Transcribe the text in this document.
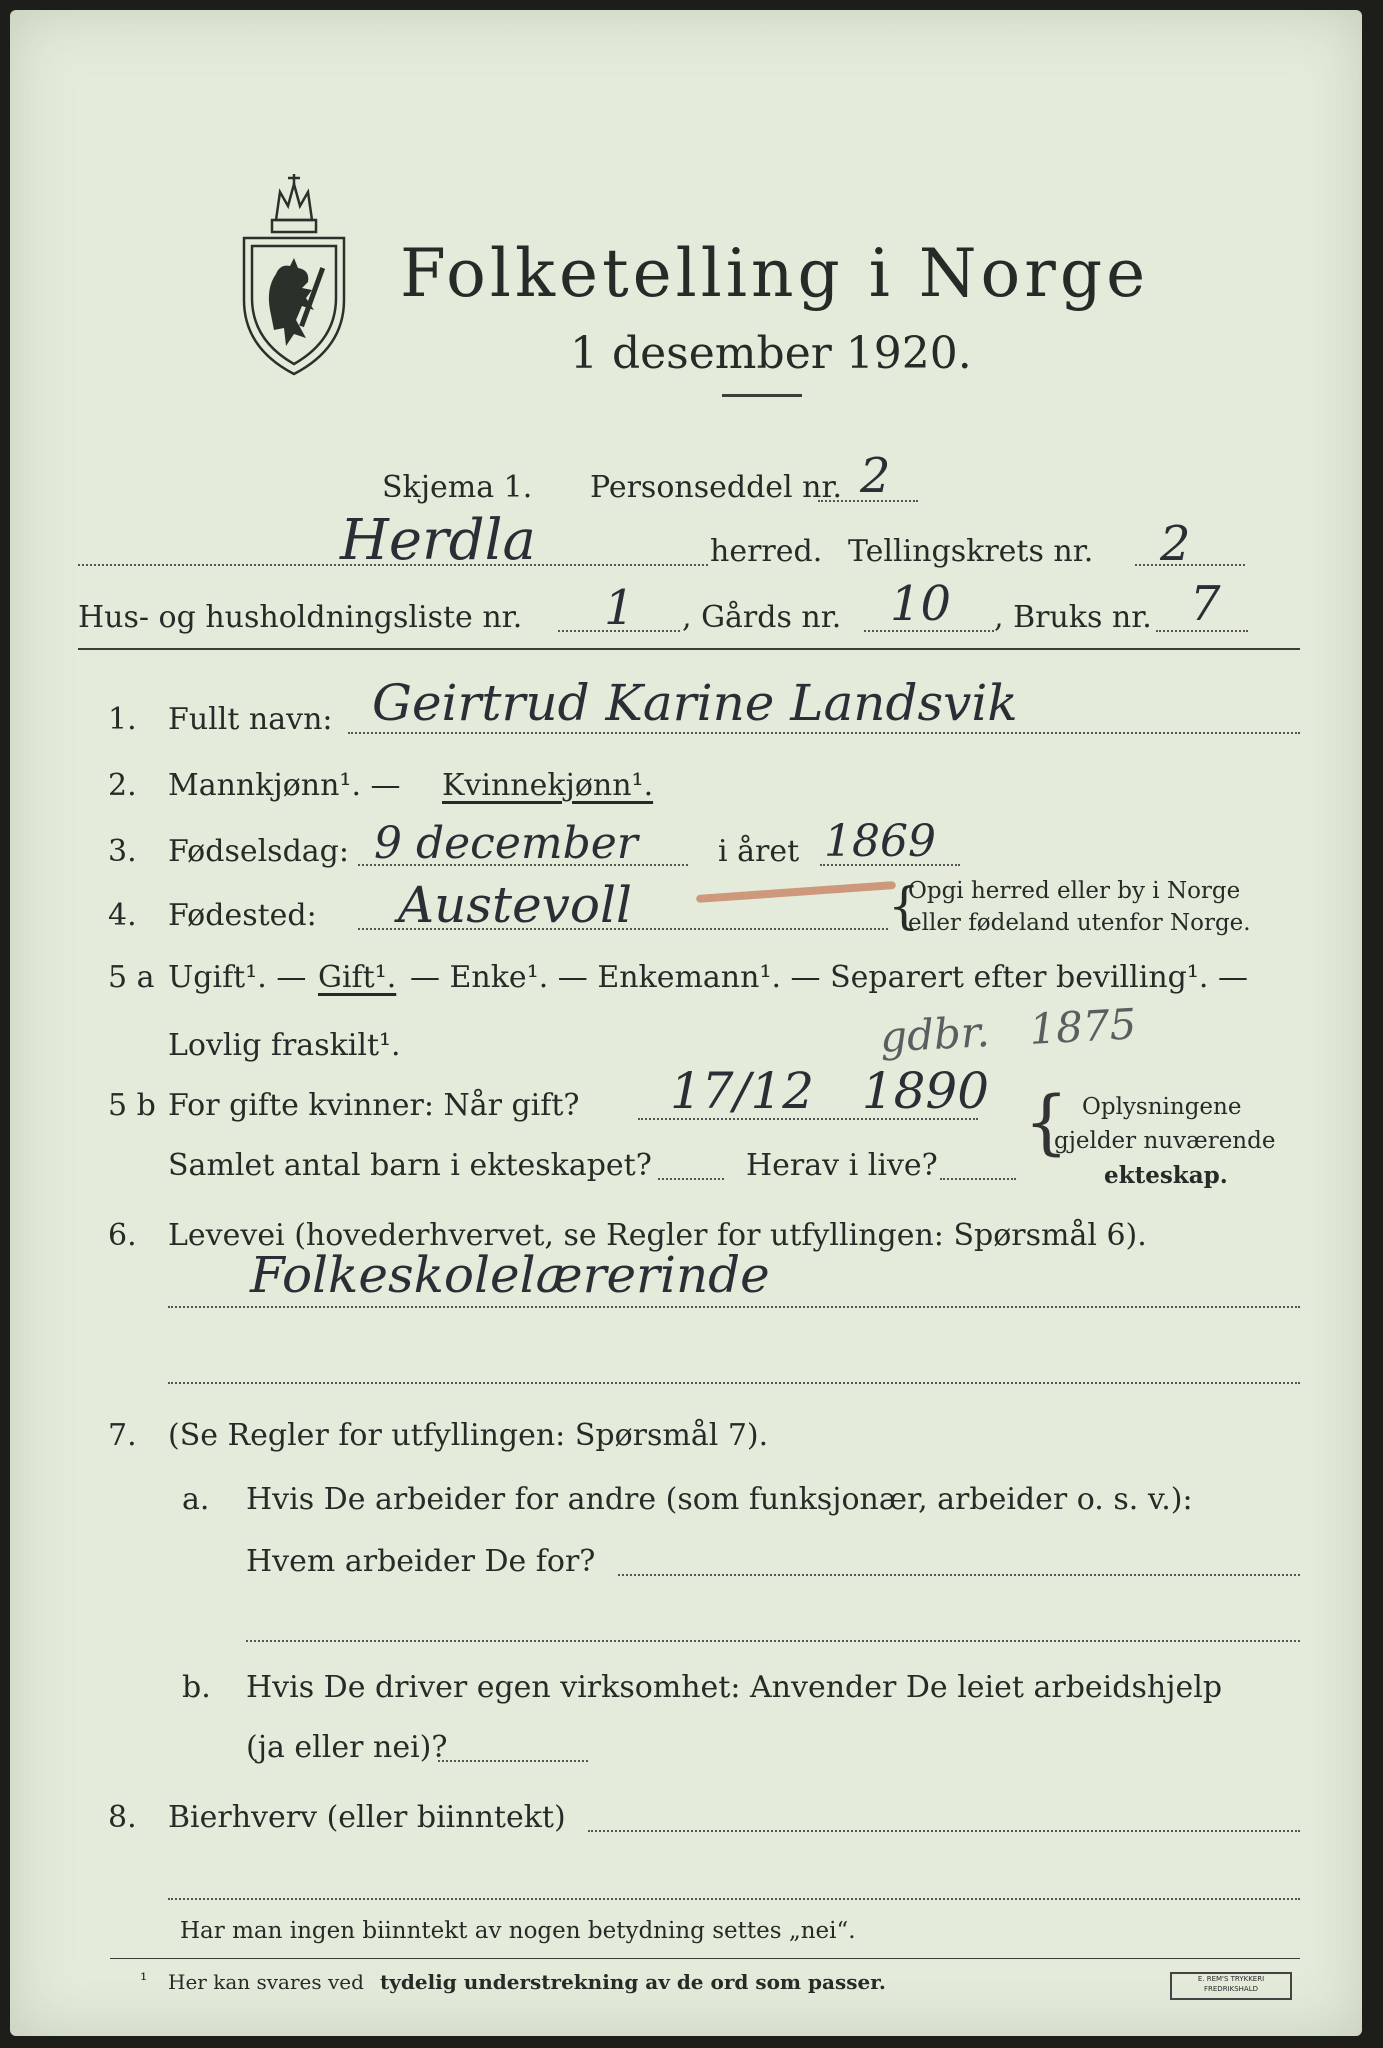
Folketelling i Norge
1 desember 1920.
Skjema 1. Personseddel nr. 2
Herdla	herred. Tellingskrets nr. 2
Hus- og husholdningsliste nr. 1 , Gårds nr. 10 , Bruks nr. 7
1. Fullt navn: Geirtrud Karine Landsvik
2. Mannkjønn¹. — Kvinnekjønn¹.
3. Fødselsdag: 9 december	i året 1869
4. Fødested: Austevoll	{
Opgi herred eller by i Norge
eller fødeland utenfor Norge.
5 a Ugift¹. — Gift¹. — Enke¹. — Enkemann¹. — Separert efter bevilling¹. —
Lovlig fraskilt¹.	gdbr.   1875
5 b For gifte kvinner: Når gift? 17/12   1890 { Oplysningene
gjelder nuværende
ekteskap.
Samlet antal barn i ekteskapet?	Herav i live?
6. Levevei (hovederhvervet, se Regler for utfyllingen: Spørsmål 6).
Folkeskolelærerinde
7. (Se Regler for utfyllingen: Spørsmål 7).
a. Hvis De arbeider for andre (som funksjonær, arbeider o. s. v.):
Hvem arbeider De for?
b. Hvis De driver egen virksomhet: Anvender De leiet arbeidshjelp
(ja eller nei)?
8. Bierhverv (eller biinntekt)
Har man ingen biinntekt av nogen betydning settes „nei“.
¹ Her kan svares ved tydelig understrekning av de ord som passer.	E. REM'S TRYKKERI
FREDRIKSHALD
